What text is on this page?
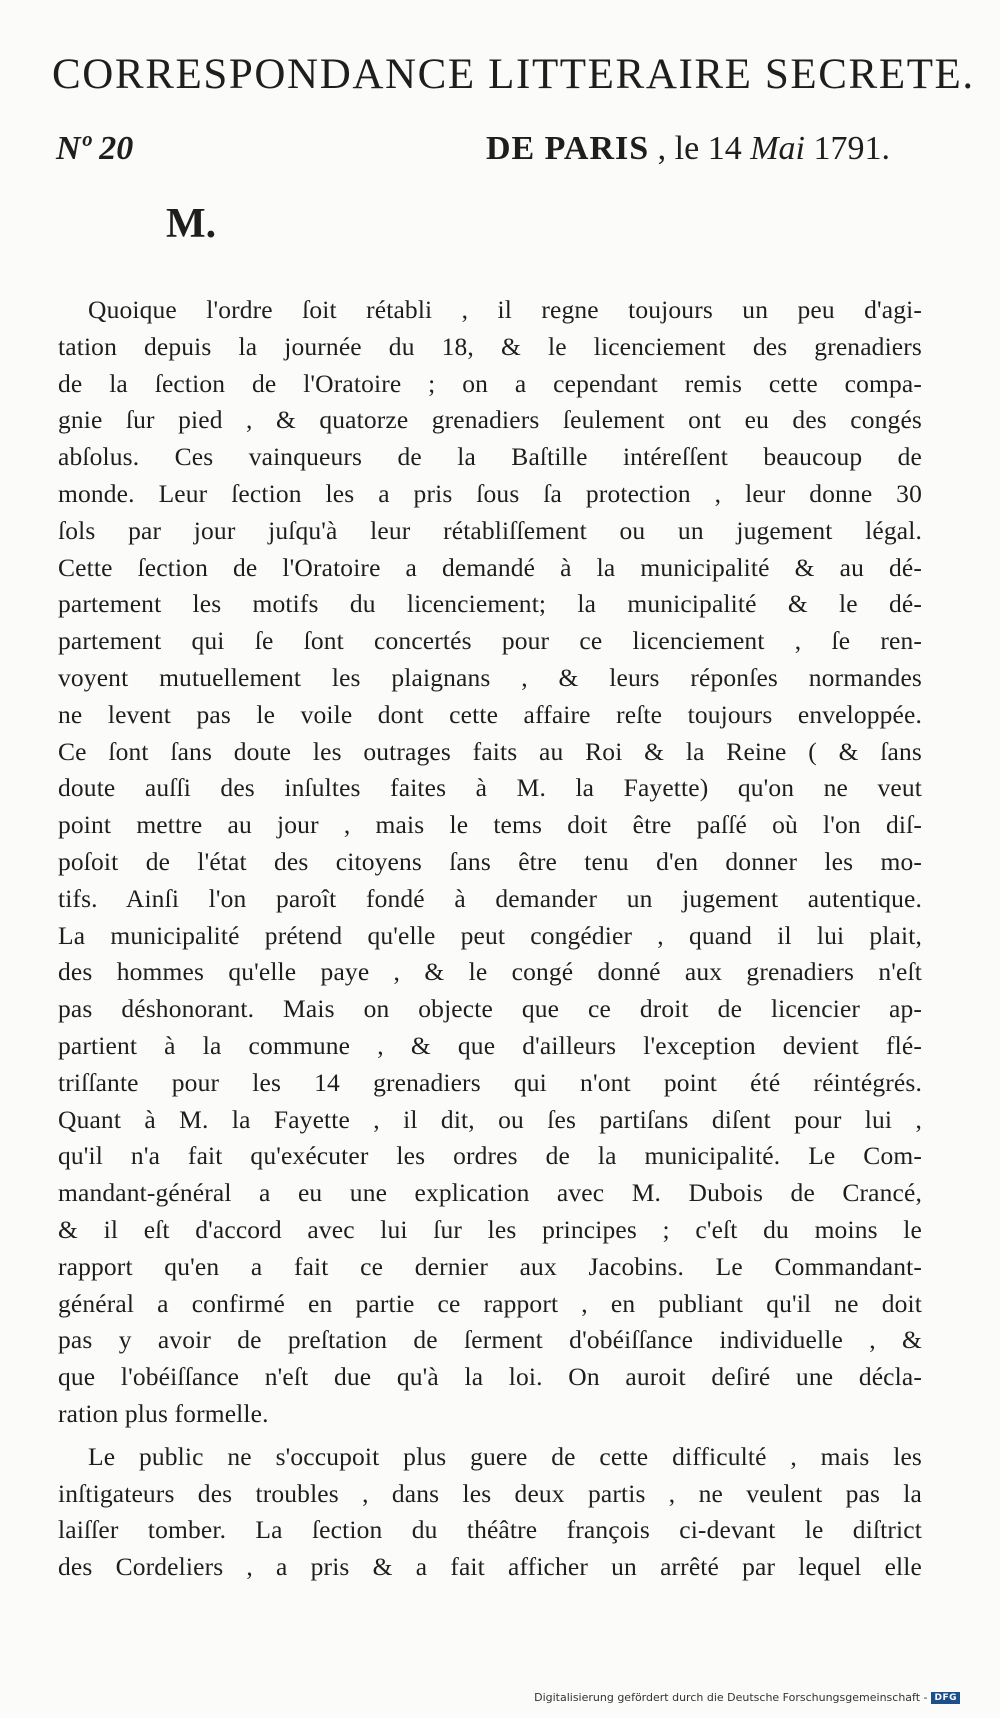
CORRESPONDANCE LITTERAIRE SECRETE.
Nº 20	DE PARIS , le 14 Mai 1791.
M.
Quoique l'ordre ſoit rétabli , il regne toujours un peu d'agi-
tation depuis la journée du 18, & le licenciement des grenadiers
de la ſection de l'Oratoire ; on a cependant remis cette compa-
gnie ſur pied , & quatorze grenadiers ſeulement ont eu des congés
abſolus. Ces vainqueurs de la Baſtille intéreſſent beaucoup de
monde. Leur ſection les a pris ſous ſa protection , leur donne 30
ſols par jour juſqu'à leur rétabliſſement ou un jugement légal.
Cette ſection de l'Oratoire a demandé à la municipalité & au dé-
partement les motifs du licenciement; la municipalité & le dé-
partement qui ſe ſont concertés pour ce licenciement , ſe ren-
voyent mutuellement les plaignans , & leurs réponſes normandes
ne levent pas le voile dont cette affaire reſte toujours enveloppée.
Ce ſont ſans doute les outrages faits au Roi & la Reine ( & ſans
doute auſſi des inſultes faites à M. la Fayette) qu'on ne veut
point mettre au jour , mais le tems doit être paſſé où l'on diſ-
poſoit de l'état des citoyens ſans être tenu d'en donner les mo-
tifs. Ainſi l'on paroît fondé à demander un jugement autentique.
La municipalité prétend qu'elle peut congédier , quand il lui plait,
des hommes qu'elle paye , & le congé donné aux grenadiers n'eſt
pas déshonorant. Mais on objecte que ce droit de licencier ap-
partient à la commune , & que d'ailleurs l'exception devient flé-
triſſante pour les 14 grenadiers qui n'ont point été réintégrés.
Quant à M. la Fayette , il dit, ou ſes partiſans diſent pour lui ,
qu'il n'a fait qu'exécuter les ordres de la municipalité. Le Com-
mandant-général a eu une explication avec M. Dubois de Crancé,
& il eſt d'accord avec lui ſur les principes ; c'eſt du moins le
rapport qu'en a fait ce dernier aux Jacobins. Le Commandant-
général a confirmé en partie ce rapport , en publiant qu'il ne doit
pas y avoir de preſtation de ſerment d'obéiſſance individuelle , &
que l'obéiſſance n'eſt due qu'à la loi. On auroit deſiré une décla-
ration plus formelle.
Le public ne s'occupoit plus guere de cette difficulté , mais les
inſtigateurs des troubles , dans les deux partis , ne veulent pas la
laiſſer tomber. La ſection du théâtre françois ci-devant le diſtrict
des Cordeliers , a pris & a fait afficher un arrêté par lequel elle
Digitalisierung gefördert durch die Deutsche Forschungsgemeinschaft - DFG
